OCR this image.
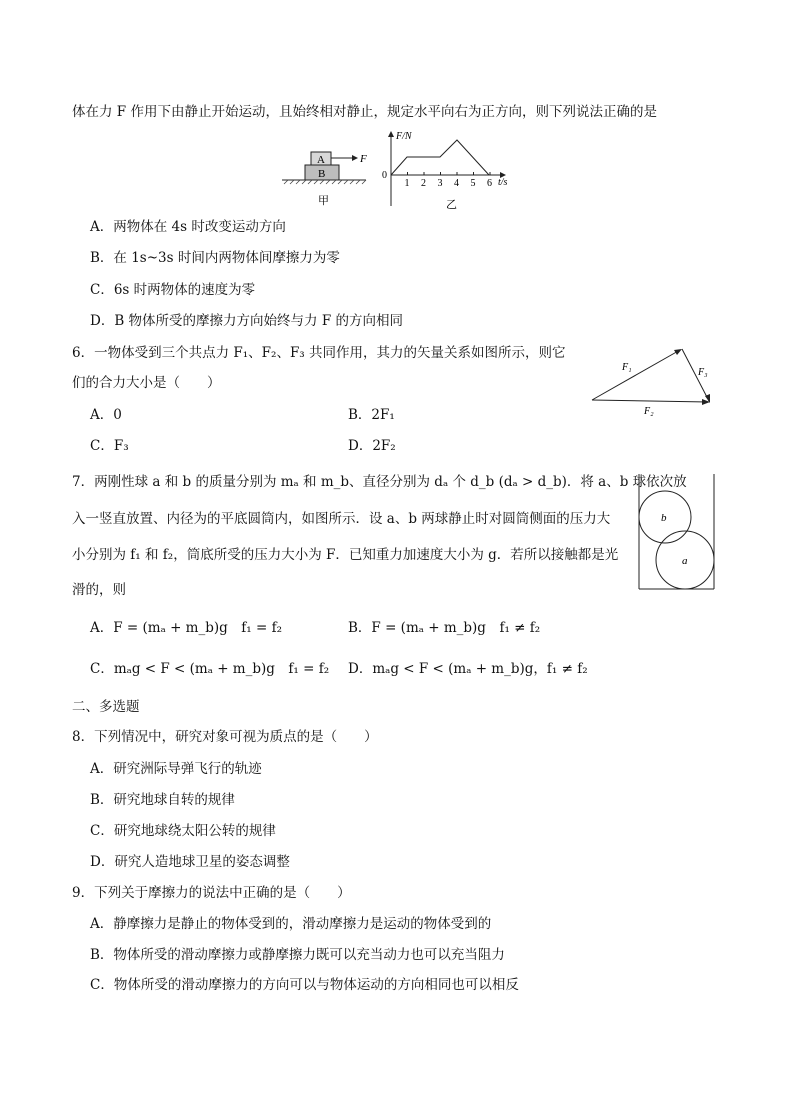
体在力 F 作用下由静止开始运动，且始终相对静止，规定水平向右为正方向，则下列说法正确的是
A
B
F
甲
F/N
t/s
0
1 2 3 4 5 6
乙
A．两物体在 4s 时改变运动方向
B．在 1s~3s 时间内两物体间摩擦力为零
C．6s 时两物体的速度为零
D．B 物体所受的摩擦力方向始终与力 F 的方向相同
6．一物体受到三个共点力 F₁、F₂、F₃ 共同作用，其力的矢量关系如图所示，则它
们的合力大小是（　　）
A．0	B．2F₁
C．F₃	D．2F₂
F₁	F₃
F₂
7．两刚性球 a 和 b 的质量分别为 mₐ 和 m_b、直径分别为 dₐ 个 d_b (dₐ > d_b)．将 a、b 球依次放
入一竖直放置、内径为的平底圆筒内，如图所示．设 a、b 两球静止时对圆筒侧面的压力大
小分别为 f₁ 和 f₂，筒底所受的压力大小为 F．已知重力加速度大小为 g．若所以接触都是光
滑的，则
b
a
A．F = (mₐ + m_b)g　f₁ = f₂	B．F = (mₐ + m_b)g　f₁ ≠ f₂
C．mₐg < F < (mₐ + m_b)g　f₁ = f₂ D．mₐg < F < (mₐ + m_b)g，f₁ ≠ f₂
二、多选题
8．下列情况中，研究对象可视为质点的是（　　）
A．研究洲际导弹飞行的轨迹
B．研究地球自转的规律
C．研究地球绕太阳公转的规律
D．研究人造地球卫星的姿态调整
9．下列关于摩擦力的说法中正确的是（　　）
A．静摩擦力是静止的物体受到的，滑动摩擦力是运动的物体受到的
B．物体所受的滑动摩擦力或静摩擦力既可以充当动力也可以充当阻力
C．物体所受的滑动摩擦力的方向可以与物体运动的方向相同也可以相反
